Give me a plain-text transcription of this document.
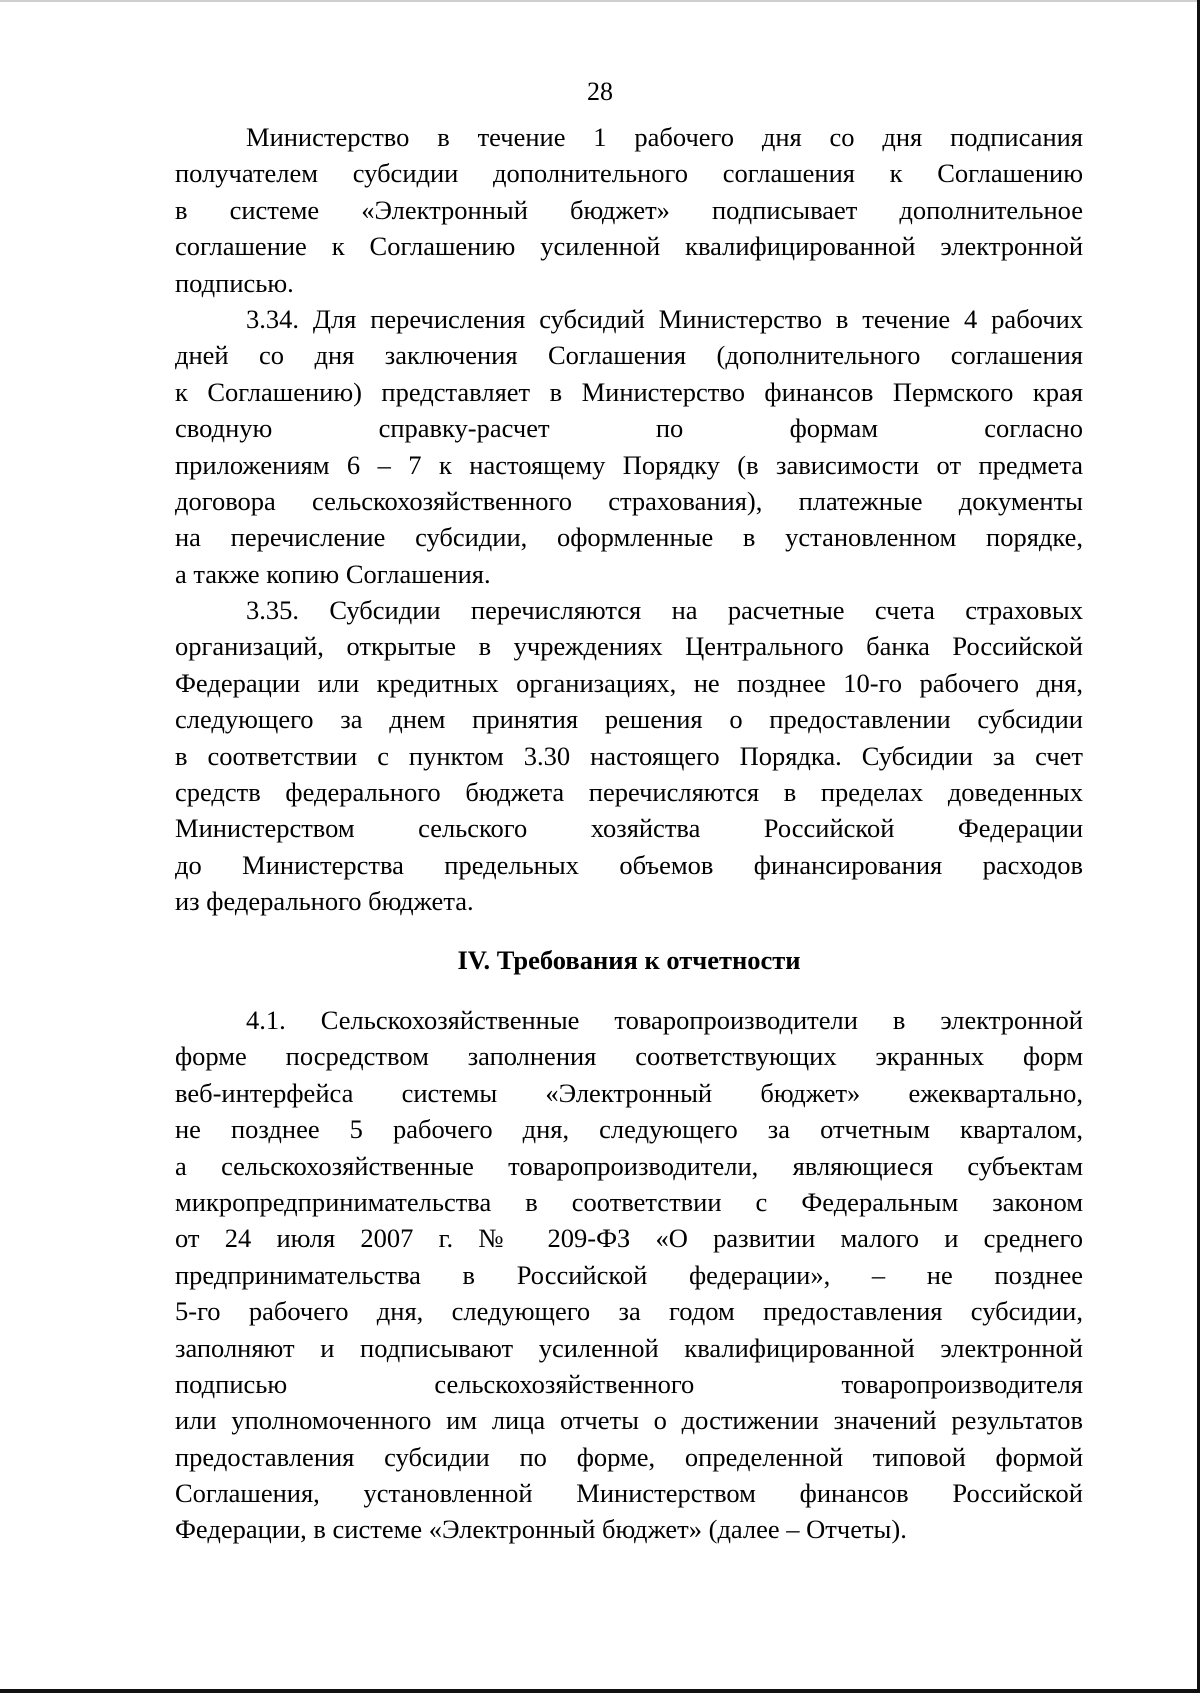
28
Министерство в течение 1 рабочего дня со дня подписания
получателем субсидии дополнительного соглашения к Соглашению
в системе «Электронный бюджет» подписывает дополнительное
соглашение к Соглашению усиленной квалифицированной электронной
подписью.
3.34. Для перечисления субсидий Министерство в течение 4 рабочих
дней со дня заключения Соглашения (дополнительного соглашения
к Соглашению) представляет в Министерство финансов Пермского края
сводную справку-расчет по формам согласно
приложениям 6 – 7 к настоящему Порядку (в зависимости от предмета
договора сельскохозяйственного страхования), платежные документы
на перечисление субсидии, оформленные в установленном порядке,
а также копию Соглашения.
3.35. Субсидии перечисляются на расчетные счета страховых
организаций, открытые в учреждениях Центрального банка Российской
Федерации или кредитных организациях, не позднее 10-го рабочего дня,
следующего за днем принятия решения о предоставлении субсидии
в соответствии с пунктом 3.30 настоящего Порядка. Субсидии за счет
средств федерального бюджета перечисляются в пределах доведенных
Министерством сельского хозяйства Российской Федерации
до Министерства предельных объемов финансирования расходов
из федерального бюджета.
IV. Требования к отчетности
4.1. Сельскохозяйственные товаропроизводители в электронной
форме посредством заполнения соответствующих экранных форм
веб-интерфейса системы «Электронный бюджет» ежеквартально,
не позднее 5 рабочего дня, следующего за отчетным кварталом,
а сельскохозяйственные товаропроизводители, являющиеся субъектам
микропредпринимательства в соответствии с Федеральным законом
от 24 июля 2007 г. № 209-ФЗ «О развитии малого и среднего
предпринимательства в Российской федерации», – не позднее
5-го рабочего дня, следующего за годом предоставления субсидии,
заполняют и подписывают усиленной квалифицированной электронной
подписью сельскохозяйственного товаропроизводителя
или уполномоченного им лица отчеты о достижении значений результатов
предоставления субсидии по форме, определенной типовой формой
Соглашения, установленной Министерством финансов Российской
Федерации, в системе «Электронный бюджет» (далее – Отчеты).
